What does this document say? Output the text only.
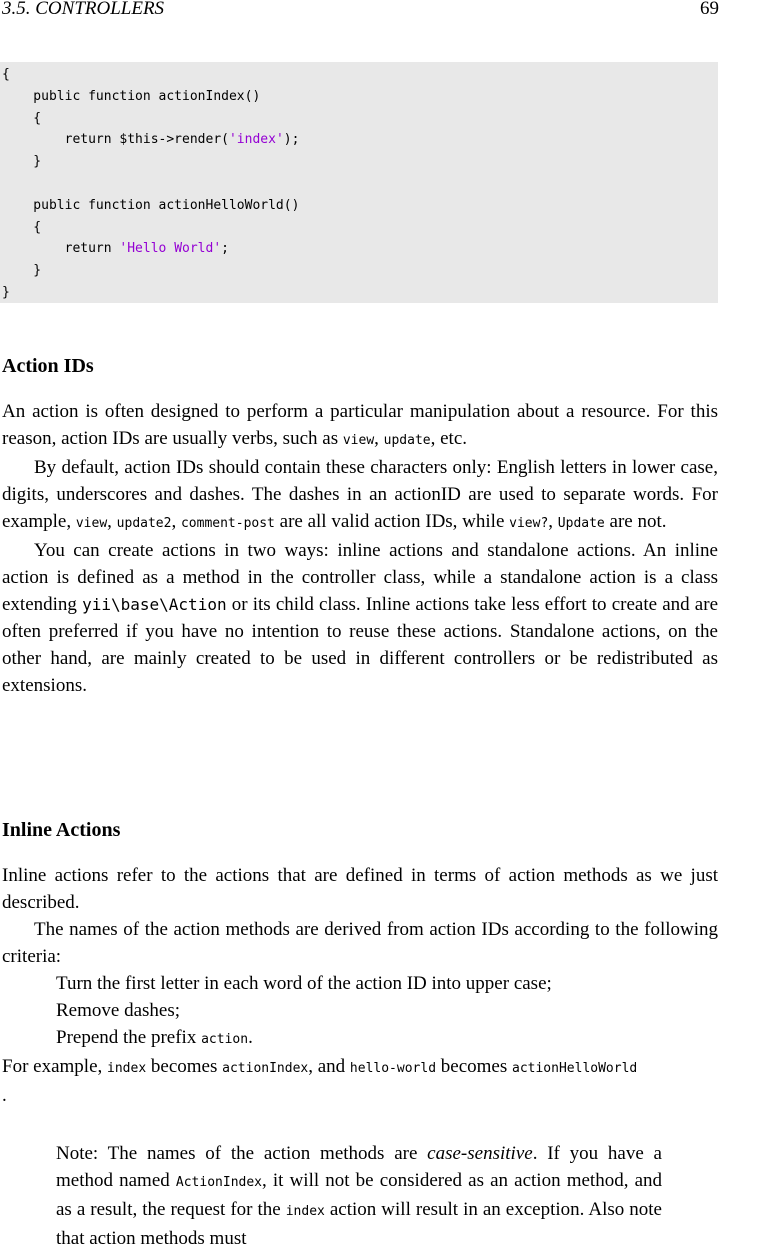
3.5. CONTROLLERS	69
{
public function actionIndex()
{
return $this->render('index');
}

public function actionHelloWorld()
{
return 'Hello World';
}
}
Action IDs

An action is often designed to perform a particular manipulation about a resource. For this reason, action IDs are usually verbs, such as view, update, etc.

By default, action IDs should contain these characters only: English letters in lower case, digits, underscores and dashes. The dashes in an actionID are used to separate words. For example, view, update2, comment-post are all valid action IDs, while view?, Update are not.

You can create actions in two ways: inline actions and standalone actions. An inline action is defined as a method in the controller class, while a standalone action is a class extending yii\base\Action or its child class. Inline actions take less effort to create and are often preferred if you have no intention to reuse these actions. Standalone actions, on the other hand, are mainly created to be used in different controllers or be redistributed as extensions.

Inline Actions

Inline actions refer to the actions that are defined in terms of action methods as we just described.

The names of the action methods are derived from action IDs according to the following criteria:

Turn the first letter in each word of the action ID into upper case;
Remove dashes;
Prepend the prefix action.

For example, index becomes actionIndex, and hello-world becomes actionHelloWorld

.

Note: The names of the action methods are case-sensitive. If you have a method named ActionIndex, it will not be considered as an action method, and as a result, the request for the index action will result in an exception. Also note that action methods must
